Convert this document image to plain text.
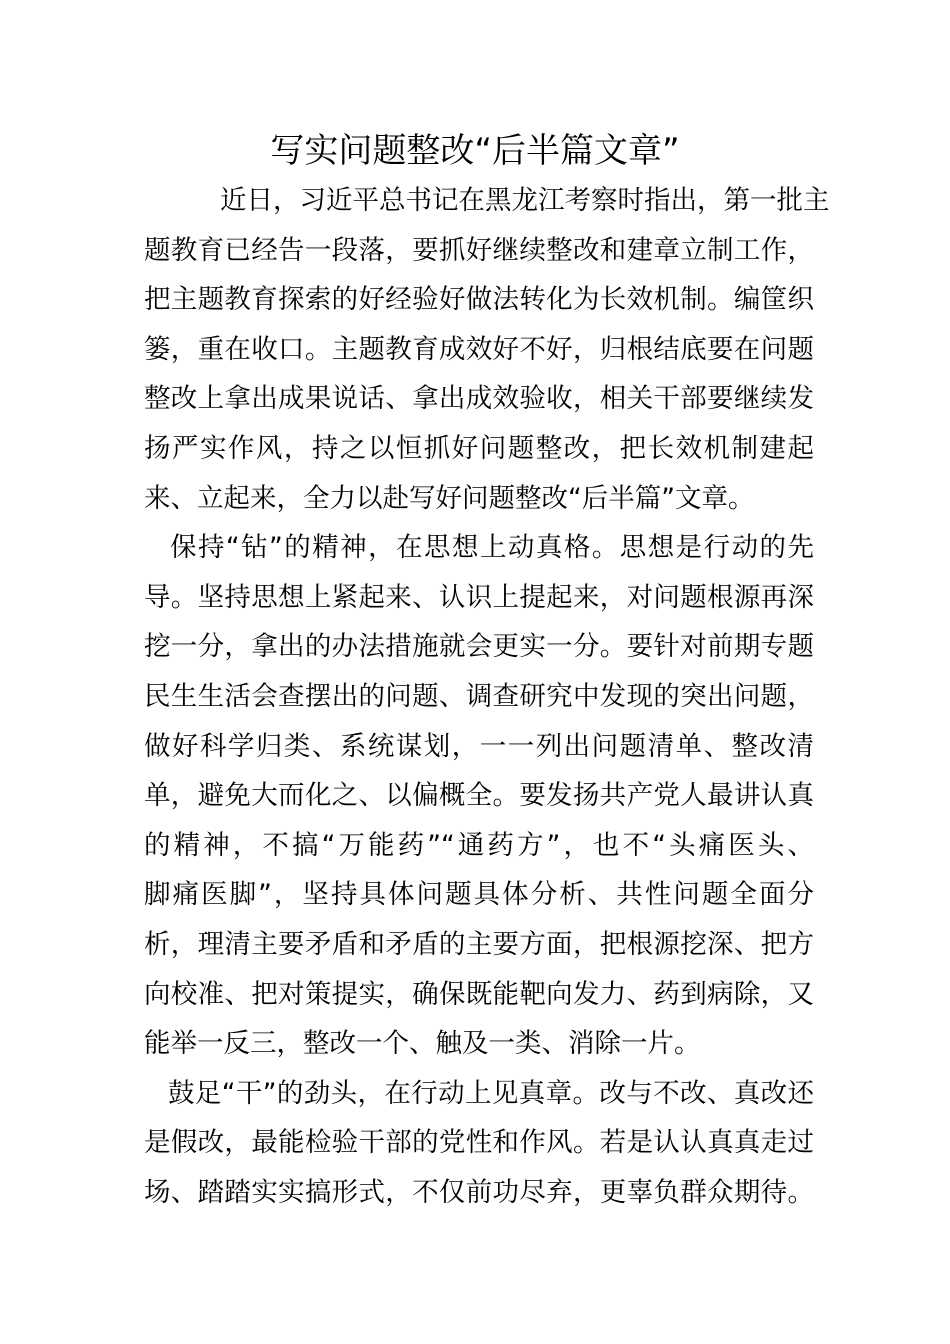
写实问题整改“后半篇文章”
近日，习近平总书记在黑龙江考察时指出，第一批主
题教育已经告一段落，要抓好继续整改和建章立制工作，
把主题教育探索的好经验好做法转化为长效机制。编筐织
篓，重在收口。主题教育成效好不好，归根结底要在问题
整改上拿出成果说话、拿出成效验收，相关干部要继续发
扬严实作风，持之以恒抓好问题整改，把长效机制建起
来、立起来，全力以赴写好问题整改“后半篇”文章。
保持“钻”的精神，在思想上动真格。思想是行动的先
导。坚持思想上紧起来、认识上提起来，对问题根源再深
挖一分，拿出的办法措施就会更实一分。要针对前期专题
民生生活会查摆出的问题、调查研究中发现的突出问题，
做好科学归类、系统谋划，一一列出问题清单、整改清
单，避免大而化之、以偏概全。要发扬共产党人最讲认真
的精神，不搞“万能药”“通药方”，也不“头痛医头、
脚痛医脚”，坚持具体问题具体分析、共性问题全面分
析，理清主要矛盾和矛盾的主要方面，把根源挖深、把方
向校准、把对策提实，确保既能靶向发力、药到病除，又
能举一反三，整改一个、触及一类、消除一片。
鼓足“干”的劲头，在行动上见真章。改与不改、真改还
是假改，最能检验干部的党性和作风。若是认认真真走过
场、踏踏实实搞形式，不仅前功尽弃，更辜负群众期待。
